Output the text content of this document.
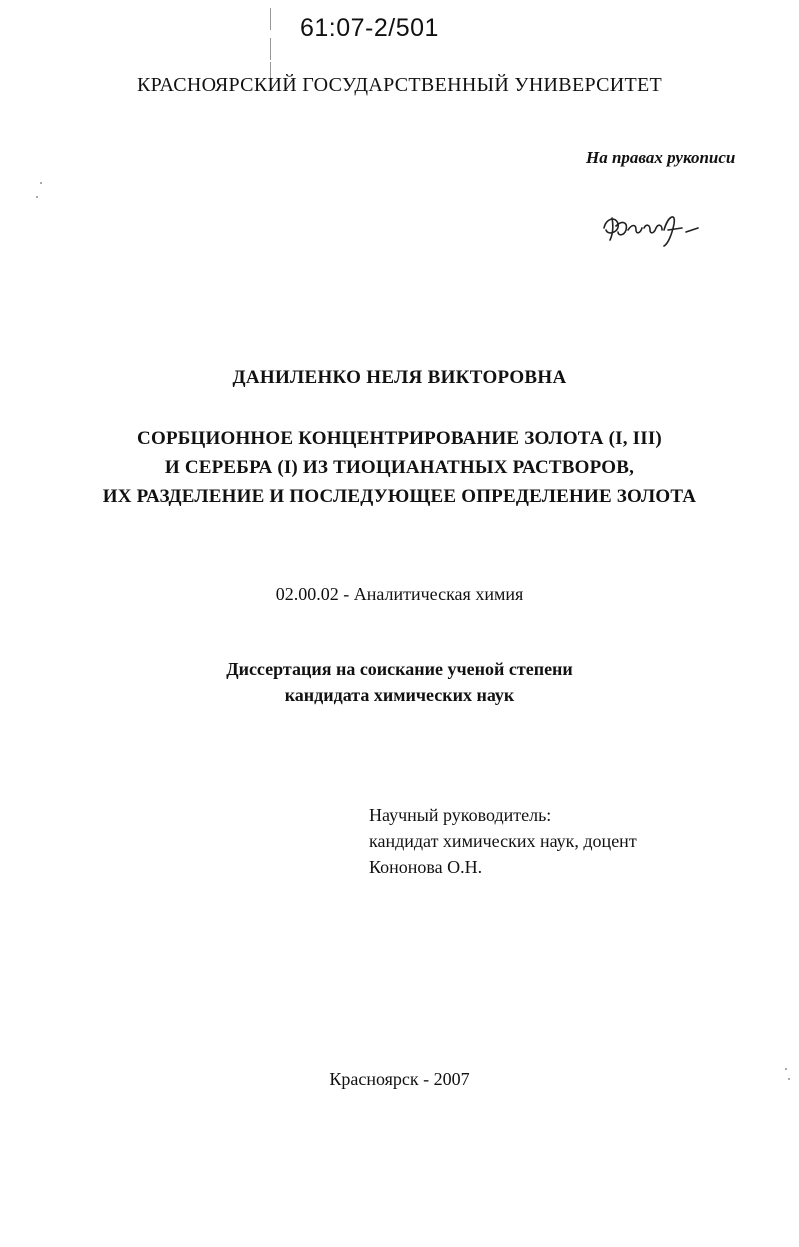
61:07-2/501
КРАСНОЯРСКИЙ ГОСУДАРСТВЕННЫЙ УНИВЕРСИТЕТ
На правах рукописи
ДАНИЛЕНКО НЕЛЯ ВИКТОРОВНА
СОРБЦИОННОЕ КОНЦЕНТРИРОВАНИЕ ЗОЛОТА (I, III)
И СЕРЕБРА (I) ИЗ ТИОЦИАНАТНЫХ РАСТВОРОВ,
ИХ РАЗДЕЛЕНИЕ И ПОСЛЕДУЮЩЕЕ ОПРЕДЕЛЕНИЕ ЗОЛОТА
02.00.02 - Аналитическая химия
Диссертация на соискание ученой степени
кандидата химических наук
Научный руководитель:
кандидат химических наук, доцент
Кононова О.Н.
Красноярск - 2007
